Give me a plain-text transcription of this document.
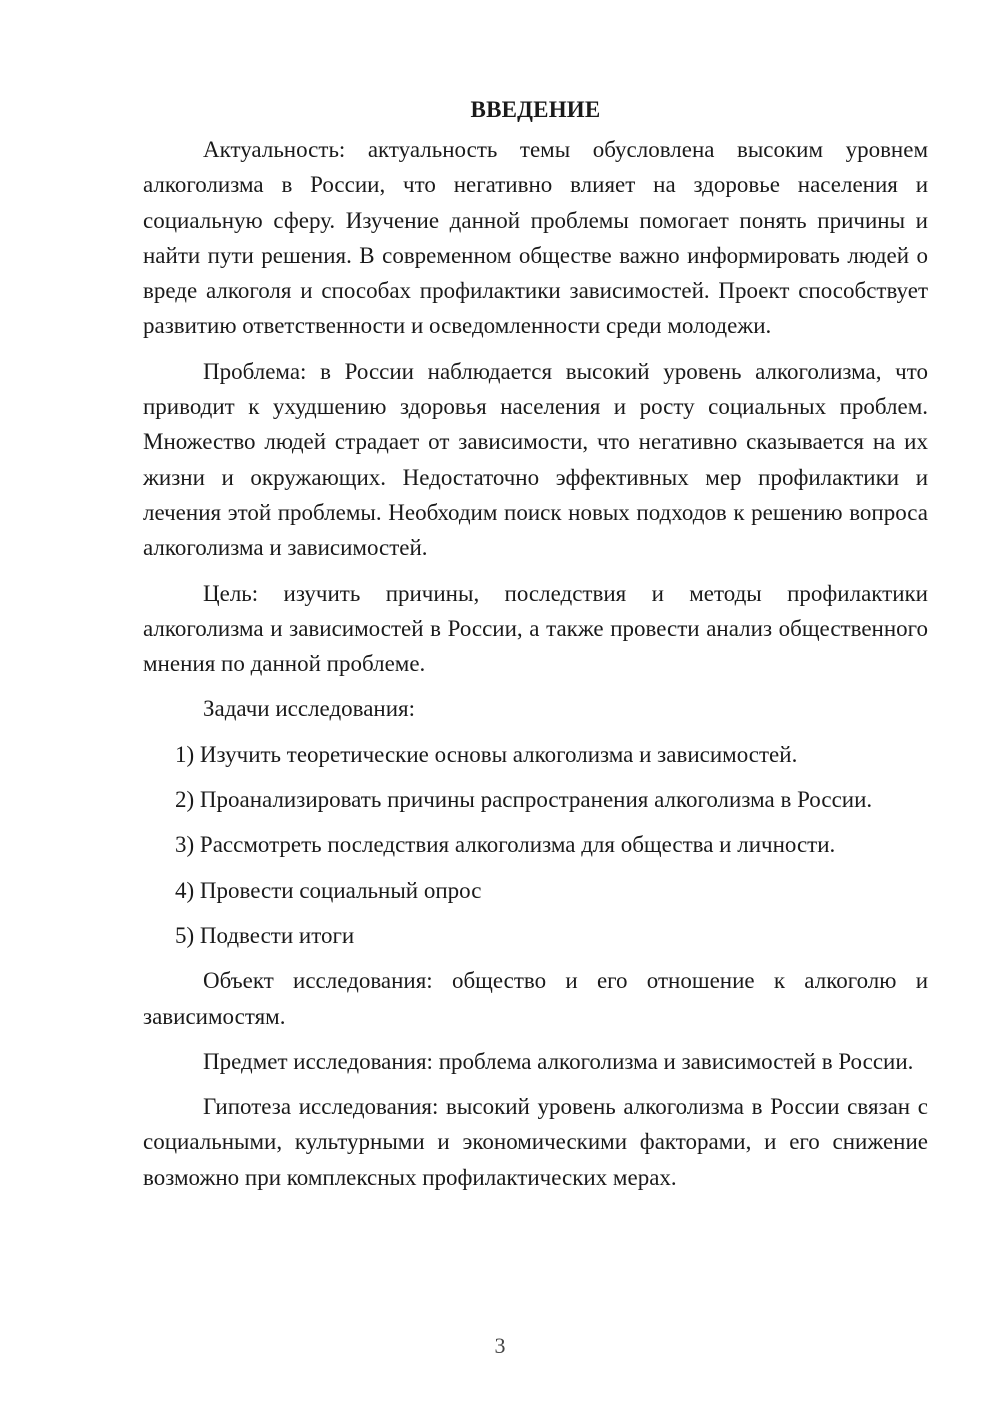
ВВЕДЕНИЕ

Актуальность: актуальность темы обусловлена высоким уровнем алкоголизма в России, что негативно влияет на здоровье населения и социальную сферу. Изучение данной проблемы помогает понять причины и найти пути решения. В современном обществе важно информировать людей о вреде алкоголя и способах профилактики зависимостей. Проект способствует развитию ответственности и осведомленности среди молодежи.

Проблема: в России наблюдается высокий уровень алкоголизма, что приводит к ухудшению здоровья населения и росту социальных проблем. Множество людей страдает от зависимости, что негативно сказывается на их жизни и окружающих. Недостаточно эффективных мер профилактики и лечения этой проблемы. Необходим поиск новых подходов к решению вопроса алкоголизма и зависимостей.

Цель: изучить причины, последствия и методы профилактики алкоголизма и зависимостей в России, а также провести анализ общественного мнения по данной проблеме.

Задачи исследования:

1) Изучить теоретические основы алкоголизма и зависимостей.

2) Проанализировать причины распространения алкоголизма в России.

3) Рассмотреть последствия алкоголизма для общества и личности.

4) Провести социальный опрос

5) Подвести итоги

Объект исследования: общество и его отношение к алкоголю и зависимостям.

Предмет исследования: проблема алкоголизма и зависимостей в России.

Гипотеза исследования: высокий уровень алкоголизма в России связан с социальными, культурными и экономическими факторами, и его снижение возможно при комплексных профилактических мерах.

3
